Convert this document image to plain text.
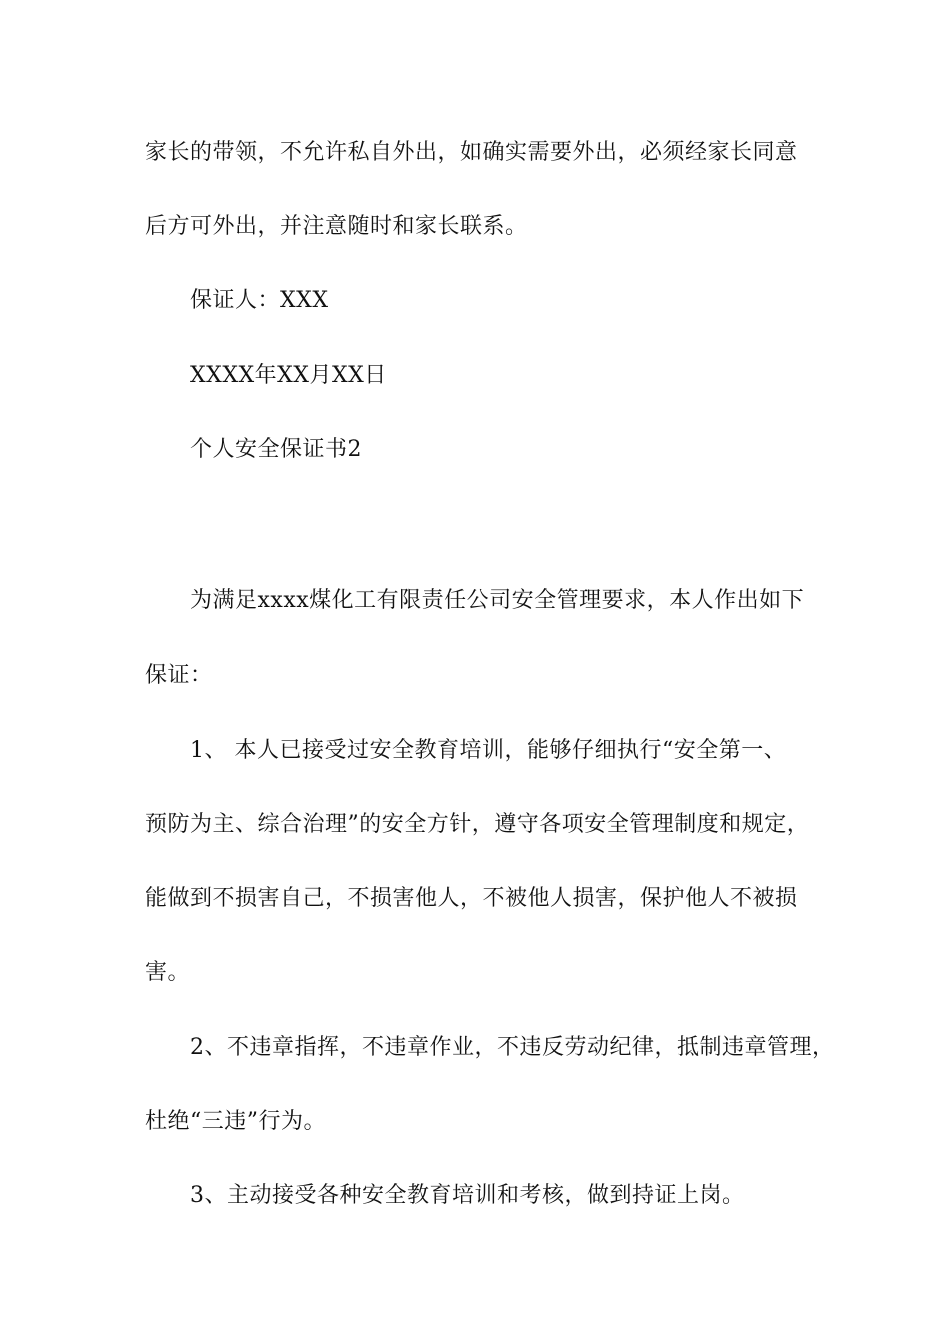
家长的带领，不允许私自外出，如确实需要外出，必须经家长同意
后方可外出，并注意随时和家长联系。
保证人：XXX
XXXX年XX月XX日
个人安全保证书2
为满足xxxx煤化工有限责任公司安全管理要求，本人作出如下
保证：
1、 本人已接受过安全教育培训，能够仔细执行“安全第一、
预防为主、综合治理”的安全方针，遵守各项安全管理制度和规定，
能做到不损害自己，不损害他人，不被他人损害，保护他人不被损
害。
2、不违章指挥，不违章作业，不违反劳动纪律，抵制违章管理，
杜绝“三违”行为。
3、主动接受各种安全教育培训和考核，做到持证上岗。
